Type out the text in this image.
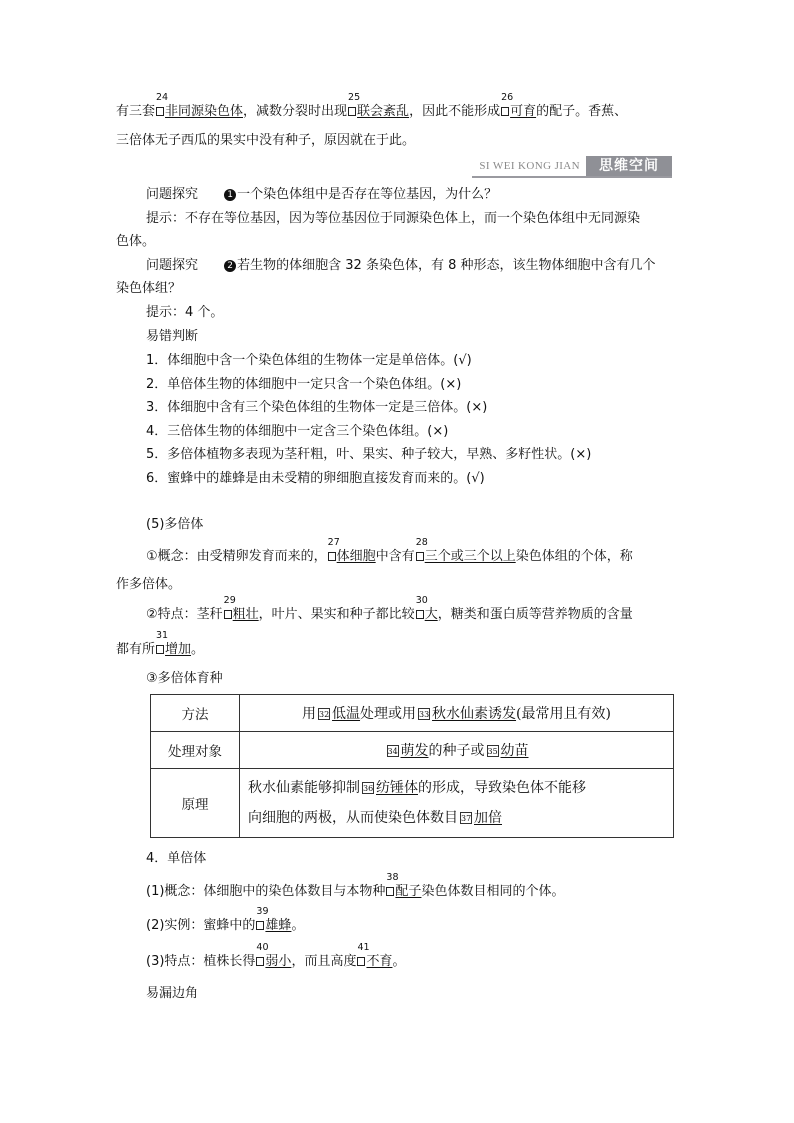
有三套
24
非同源染色体，减数分裂时出现
25
联会紊乱，因此不能形成
26
可育的配子。香蕉、
三倍体无子西瓜的果实中没有种子，原因就在于此。
SI WEI KONG JIAN	思维空间
问题探究	1 一个染色体组中是否存在等位基因，为什么？
提示：不存在等位基因，因为等位基因位于同源染色体上，而一个染色体组中无同源染
色体。
问题探究	2 若生物的体细胞含 32 条染色体，有 8 种形态，该生物体细胞中含有几个
染色体组？
提示：4 个。
易错判断
1．体细胞中含一个染色体组的生物体一定是单倍体。(√)
2．单倍体生物的体细胞中一定只含一个染色体组。(×)
3．体细胞中含有三个染色体组的生物体一定是三倍体。(×)
4．三倍体生物的体细胞中一定含三个染色体组。(×)
5．多倍体植物多表现为茎秆粗，叶、果实、种子较大，早熟、多籽性状。(×)
6．蜜蜂中的雄蜂是由未受精的卵细胞直接发育而来的。(√)
(5)多倍体
①概念：由受精卵发育而来的，
27
体细胞中含有
28
三个或三个以上染色体组的个体，称
作多倍体。
②特点：茎秆
29
粗壮，叶片、果实和种子都比较
30
大，糖类和蛋白质等营养物质的含量
都有所
31
增加。
③多倍体育种
方法	用 32 低温处理或用 33 秋水仙素诱发(最常用且有效)
处理对象	34 萌发的种子或 35 幼苗
原理	秋水仙素能够抑制 36 纺锤体的形成，导致染色体不能移
向细胞的两极，从而使染色体数目 37 加倍
4．单倍体
(1)概念：体细胞中的染色体数目与本物种
38
配子染色体数目相同的个体。
(2)实例：蜜蜂中的
39
雄蜂。
(3)特点：植株长得
40
弱小，而且高度
41
不育。
易漏边角
